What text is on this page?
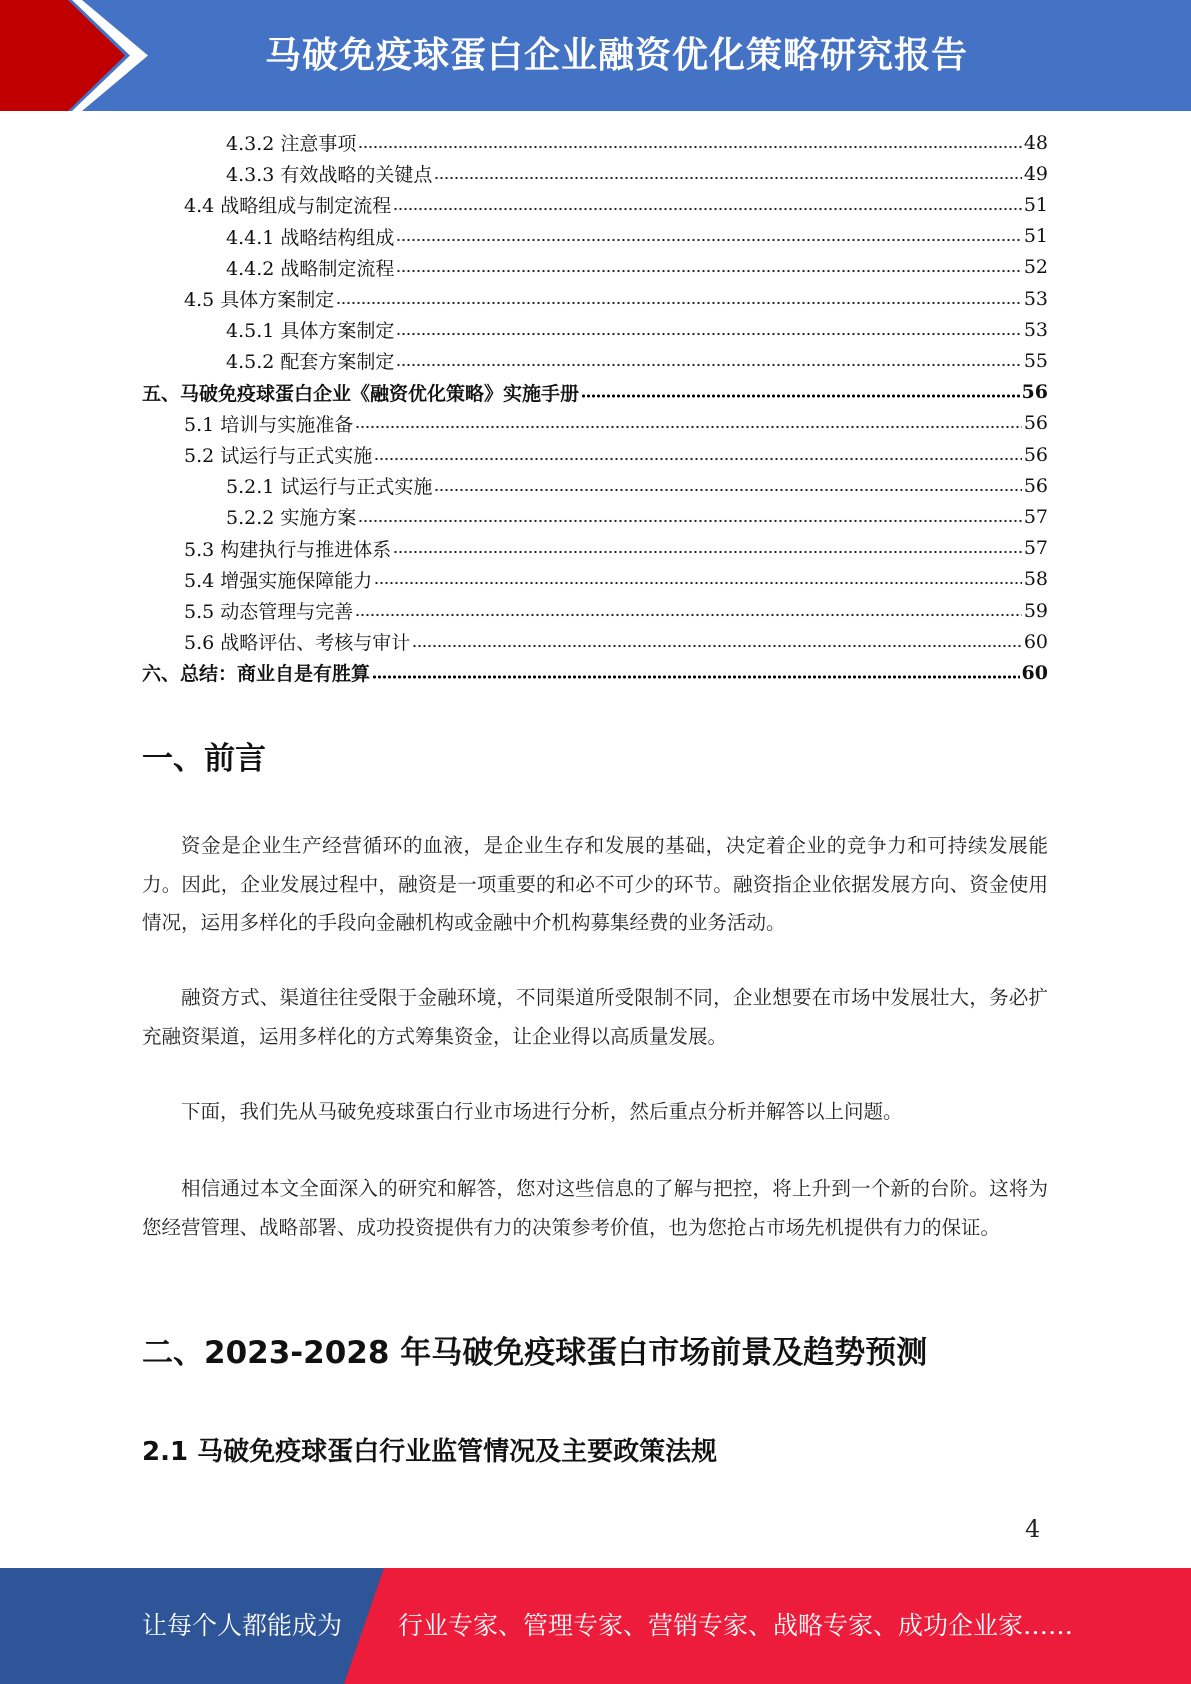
马破免疫球蛋白企业融资优化策略研究报告
4.3.2 注意事项	48
4.3.3 有效战略的关键点	49
4.4 战略组成与制定流程	51
4.4.1 战略结构组成	51
4.4.2 战略制定流程	52
4.5 具体方案制定	53
4.5.1 具体方案制定	53
4.5.2 配套方案制定	55
五、马破免疫球蛋白企业《融资优化策略》实施手册	56
5.1 培训与实施准备	56
5.2 试运行与正式实施	56
5.2.1 试运行与正式实施	56
5.2.2 实施方案	57
5.3 构建执行与推进体系	57
5.4 增强实施保障能力	58
5.5 动态管理与完善	59
5.6 战略评估、考核与审计	60
六、总结：商业自是有胜算	60
一、前言
资金是企业生产经营循环的血液，是企业生存和发展的基础，决定着企业的竞争力和可持续发展能力。因此，企业发展过程中，融资是一项重要的和必不可少的环节。融资指企业依据发展方向、资金使用情况，运用多样化的手段向金融机构或金融中介机构募集经费的业务活动。
融资方式、渠道往往受限于金融环境，不同渠道所受限制不同，企业想要在市场中发展壮大，务必扩充融资渠道，运用多样化的方式筹集资金，让企业得以高质量发展。
下面，我们先从马破免疫球蛋白行业市场进行分析，然后重点分析并解答以上问题。
相信通过本文全面深入的研究和解答，您对这些信息的了解与把控，将上升到一个新的台阶。这将为您经营管理、战略部署、成功投资提供有力的决策参考价值，也为您抢占市场先机提供有力的保证。
二、2023-2028 年马破免疫球蛋白市场前景及趋势预测
2.1 马破免疫球蛋白行业监管情况及主要政策法规
4
让每个人都能成为 行业专家、管理专家、营销专家、战略专家、成功企业家……
